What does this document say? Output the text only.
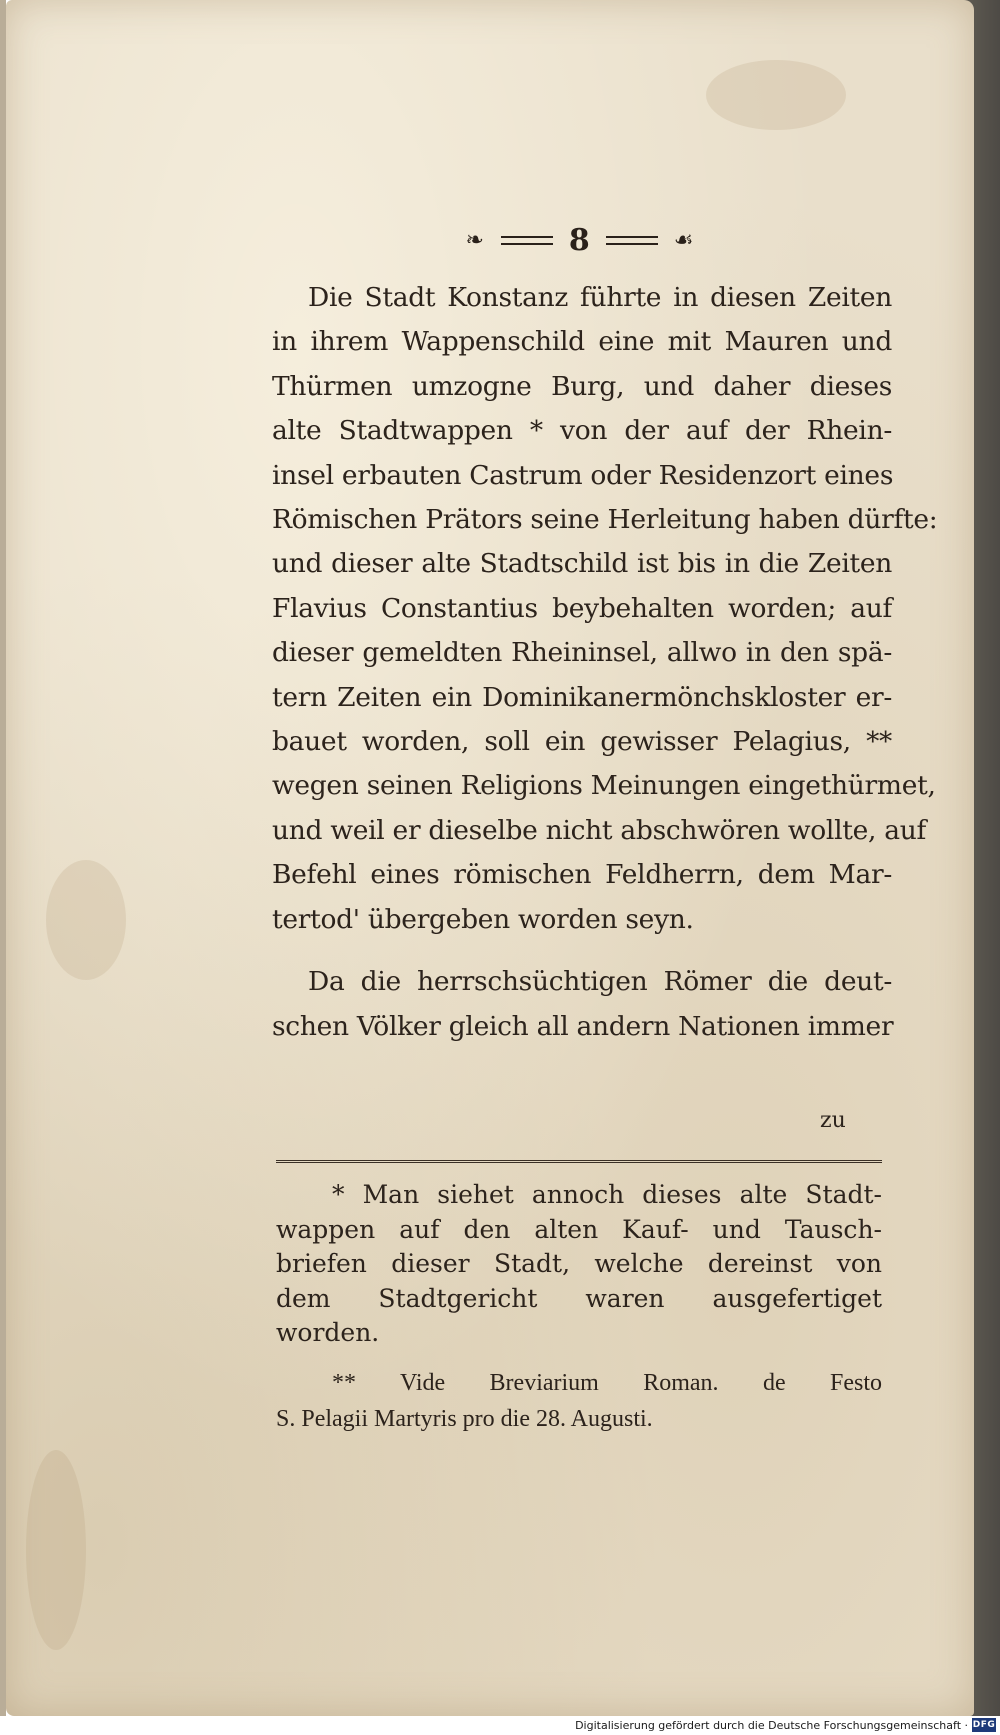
❧	8	☙
Die Stadt Konstanz führte in diesen Zeiten
in ihrem Wappenschild eine mit Mauren und
Thürmen umzogne Burg, und daher dieses
alte Stadtwappen * von der auf der Rhein-
insel erbauten Castrum oder Residenzort eines
Römischen Prätors seine Herleitung haben dürfte:
und dieser alte Stadtschild ist bis in die Zeiten
Flavius Constantius beybehalten worden; auf
dieser gemeldten Rheininsel, allwo in den spä-
tern Zeiten ein Dominikanermönchskloster er-
bauet worden, soll ein gewisser Pelagius, **
wegen seinen Religions Meinungen eingethürmet,
und weil er dieselbe nicht abschwören wollte, auf
Befehl eines römischen Feldherrn, dem Mar-
tertod' übergeben worden seyn.
Da die herrschsüchtigen Römer die deut-
schen Völker gleich all andern Nationen immer
zu
* Man siehet annoch dieses alte Stadt-
wappen auf den alten Kauf- und Tausch-
briefen dieser Stadt, welche dereinst von
dem Stadtgericht waren ausgefertiget
worden.
** Vide Breviarium Roman. de Festo
S. Pelagii Martyris pro die 28. Augusti.
Digitalisierung gefördert durch die Deutsche Forschungsgemeinschaft · DFG
